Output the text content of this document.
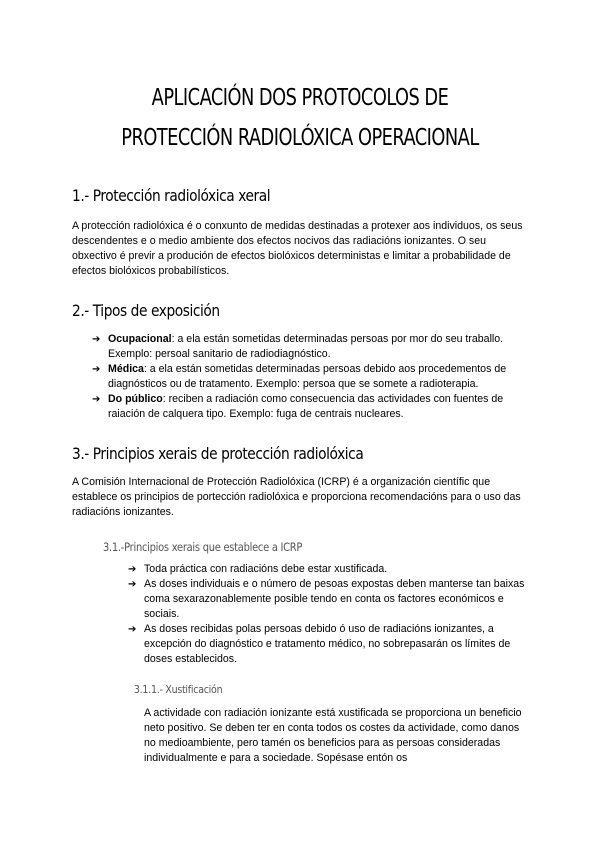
APLICACIÓN DOS PROTOCOLOS DE
PROTECCIÓN RADIOLÓXICA OPERACIONAL
1.- Protección radiolóxica xeral

A protección radiolóxica é o conxunto de medidas destinadas a protexer aos individuos, os seus descendentes e o medio ambiente dos efectos nocivos das radiacións ionizantes. O seu obxectivo é previr a produción de efectos biolóxicos deterministas e limitar a probabilidade de efectos biolóxicos probabilísticos.

2.- Tipos de exposición
➔ Ocupacional: a ela están sometidas determinadas persoas por mor do seu traballo. Exemplo: persoal sanitario de radiodiagnóstico.
➔ Médica: a ela están sometidas determinadas persoas debido aos procedementos de diagnósticos ou de tratamento. Exemplo: persoa que se somete a radioterapia.
➔ Do público: reciben a radiación como consecuencia das actividades con fuentes de raiación de calquera tipo. Exemplo: fuga de centrais nucleares.
3.- Principios xerais de protección radiolóxica

A Comisión Internacional de Protección Radiolóxica (ICRP) é a organización científic que establece os principios de portección radiolóxica e proporciona recomendacións para o uso das radiacións ionizantes.

3.1.-Principios xerais que establece a ICRP
➔ Toda práctica con radiacións debe estar xustificada.
➔ As doses individuais e o número de pesoas expostas deben manterse tan baixas coma sexarazonablemente posible tendo en conta os factores económicos e sociais.
➔ As doses recibidas polas persoas debido ó uso de radiacións ionizantes, a excepción do diagnóstico e tratamento médico, no sobrepasarán os límites de doses establecidos.
3.1.1.- Xustificación

A actividade con radiación ionizante está xustificada se proporciona un beneficio neto positivo. Se deben ter en conta todos os costes da actividade, como danos no medioambiente, pero tamén os beneficios para as persoas consideradas individualmente e para a sociedade. Sopésase entón os
